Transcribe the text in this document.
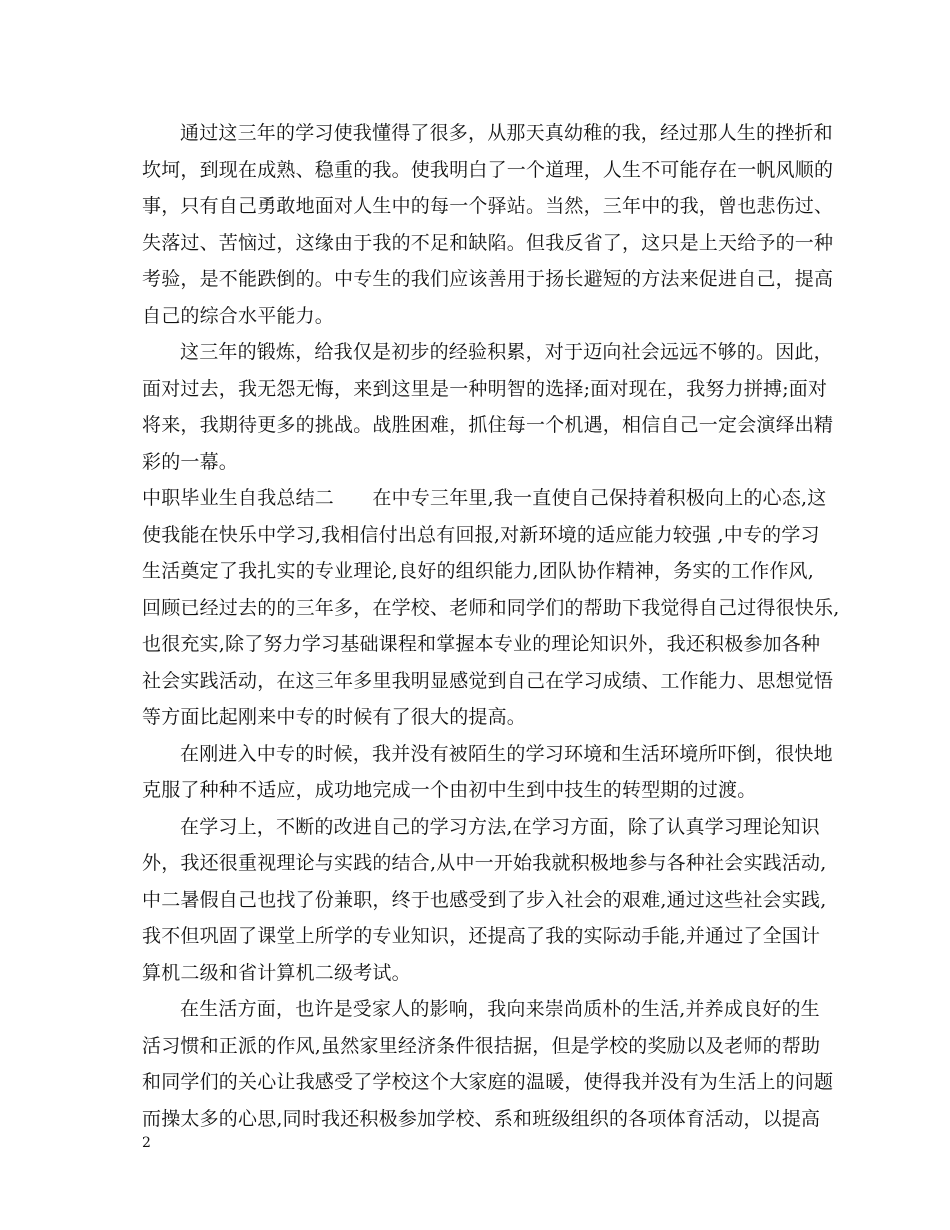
通过这三年的学习使我懂得了很多，从那天真幼稚的我，经过那人生的挫折和
坎坷，到现在成熟、稳重的我。使我明白了一个道理，人生不可能存在一帆风顺的
事，只有自己勇敢地面对人生中的每一个驿站。当然，三年中的我，曾也悲伤过、
失落过、苦恼过，这缘由于我的不足和缺陷。但我反省了，这只是上天给予的一种
考验，是不能跌倒的。中专生的我们应该善用于扬长避短的方法来促进自己，提高
自己的综合水平能力。
这三年的锻炼，给我仅是初步的经验积累，对于迈向社会远远不够的。因此，
面对过去，我无怨无悔，来到这里是一种明智的选择;面对现在，我努力拼搏;面对
将来，我期待更多的挑战。战胜困难，抓住每一个机遇，相信自己一定会演绎出精
彩的一幕。
中职毕业生自我总结二　　在中专三年里,我一直使自己保持着积极向上的心态,这
使我能在快乐中学习,我相信付出总有回报,对新环境的适应能力较强 ,中专的学习
生活奠定了我扎实的专业理论,良好的组织能力,团队协作精神，务实的工作作风,
回顾已经过去的的三年多，在学校、老师和同学们的帮助下我觉得自己过得很快乐,
也很充实,除了努力学习基础课程和掌握本专业的理论知识外，我还积极参加各种
社会实践活动，在这三年多里我明显感觉到自己在学习成绩、工作能力、思想觉悟
等方面比起刚来中专的时候有了很大的提高。
在刚进入中专的时候，我并没有被陌生的学习环境和生活环境所吓倒，很快地
克服了种种不适应，成功地完成一个由初中生到中技生的转型期的过渡。
在学习上，不断的改进自己的学习方法,在学习方面，除了认真学习理论知识
外，我还很重视理论与实践的结合,从中一开始我就积极地参与各种社会实践活动,
中二暑假自己也找了份兼职，终于也感受到了步入社会的艰难,通过这些社会实践,
我不但巩固了课堂上所学的专业知识，还提高了我的实际动手能,并通过了全国计
算机二级和省计算机二级考试。
在生活方面，也许是受家人的影响，我向来崇尚质朴的生活,并养成良好的生
活习惯和正派的作风,虽然家里经济条件很拮据，但是学校的奖励以及老师的帮助
和同学们的关心让我感受了学校这个大家庭的温暖，使得我并没有为生活上的问题
而操太多的心思,同时我还积极参加学校、系和班级组织的各项体育活动，以提高
2
